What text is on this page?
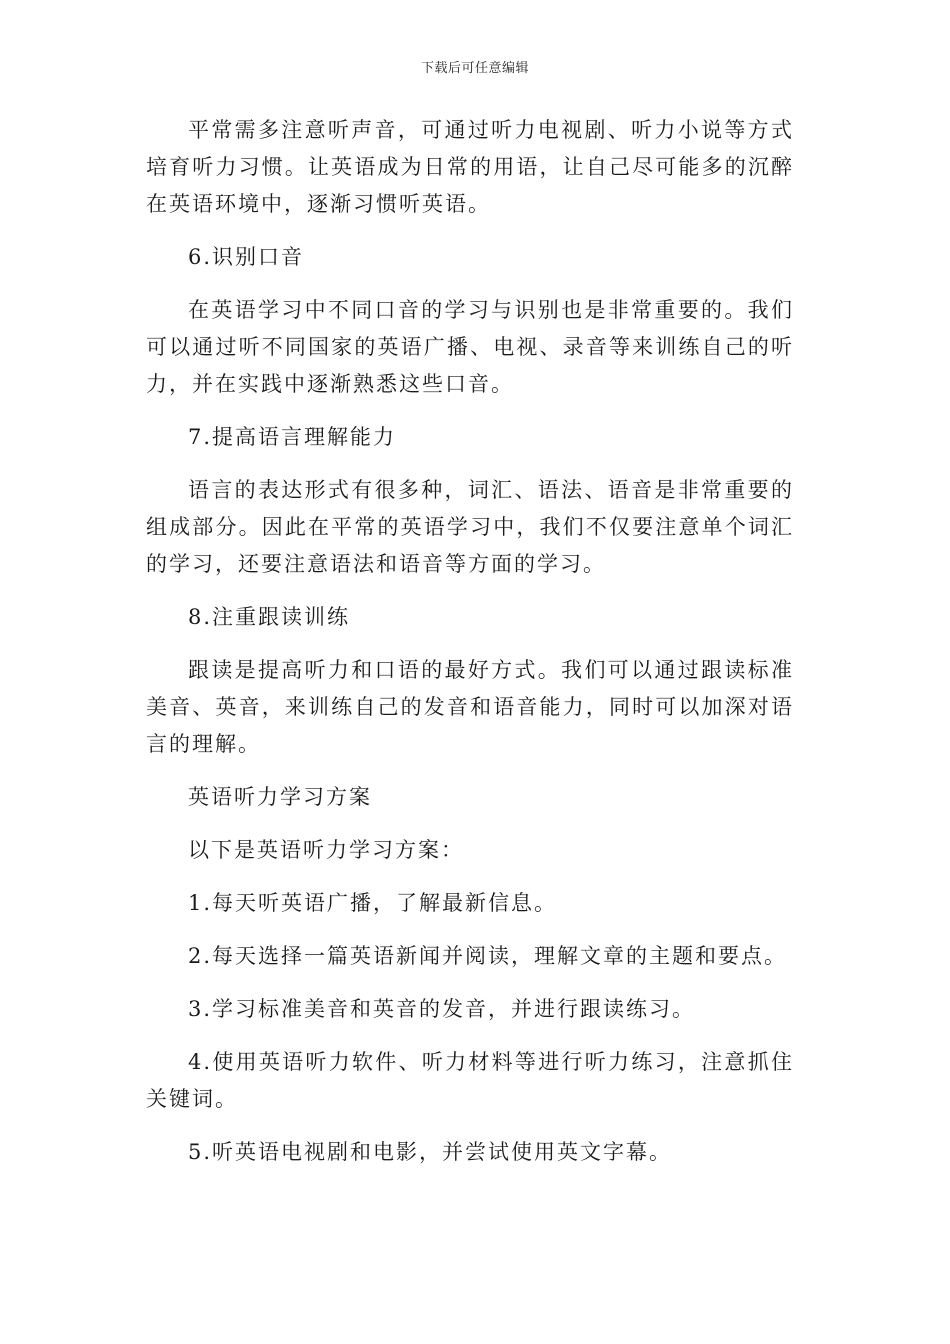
下载后可任意编辑

平常需多注意听声音，可通过听力电视剧、听力小说等方式培育听力习惯。让英语成为日常的用语，让自己尽可能多的沉醉在英语环境中，逐渐习惯听英语。

6.识别口音

在英语学习中不同口音的学习与识别也是非常重要的。我们可以通过听不同国家的英语广播、电视、录音等来训练自己的听力，并在实践中逐渐熟悉这些口音。

7.提高语言理解能力

语言的表达形式有很多种，词汇、语法、语音是非常重要的组成部分。因此在平常的英语学习中，我们不仅要注意单个词汇的学习，还要注意语法和语音等方面的学习。

8.注重跟读训练

跟读是提高听力和口语的最好方式。我们可以通过跟读标准美音、英音，来训练自己的发音和语音能力，同时可以加深对语言的理解。

英语听力学习方案

以下是英语听力学习方案：

1.每天听英语广播，了解最新信息。

2.每天选择一篇英语新闻并阅读，理解文章的主题和要点。

3.学习标准美音和英音的发音，并进行跟读练习。

4.使用英语听力软件、听力材料等进行听力练习，注意抓住关键词。

5.听英语电视剧和电影，并尝试使用英文字幕。
